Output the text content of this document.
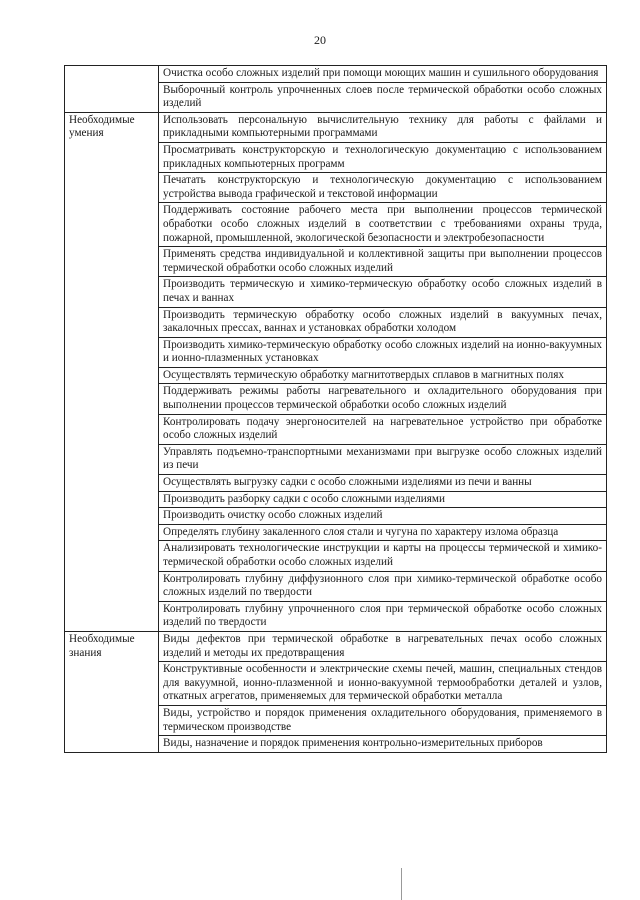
20
	Очистка особо сложных изделий при помощи моющих машин и сушильного оборудования
	Выборочный контроль упрочненных слоев после термической обработки особо сложных изделий
Необходимые умения	Использовать персональную вычислительную технику для работы с файлами и прикладными компьютерными программами
	Просматривать конструкторскую и технологическую документацию с использованием прикладных компьютерных программ
	Печатать конструкторскую и технологическую документацию с использованием устройства вывода графической и текстовой информации
	Поддерживать состояние рабочего места при выполнении процессов термической обработки особо сложных изделий в соответствии с требованиями охраны труда, пожарной, промышленной, экологической безопасности и электробезопасности
	Применять средства индивидуальной и коллективной защиты при выполнении процессов термической обработки особо сложных изделий
	Производить термическую и химико-термическую обработку особо сложных изделий в печах и ваннах
	Производить термическую обработку особо сложных изделий в вакуумных печах, закалочных прессах, ваннах и установках обработки холодом
	Производить химико-термическую обработку особо сложных изделий на ионно-вакуумных и ионно-плазменных установках
	Осуществлять термическую обработку магнитотвердых сплавов в магнитных полях
	Поддерживать режимы работы нагревательного и охладительного оборудования при выполнении процессов термической обработки особо сложных изделий
	Контролировать подачу энергоносителей на нагревательное устройство при обработке особо сложных изделий
	Управлять подъемно-транспортными механизмами при выгрузке особо сложных изделий из печи
	Осуществлять выгрузку садки с особо сложными изделиями из печи и ванны
	Производить разборку садки с особо сложными изделиями
	Производить очистку особо сложных изделий
	Определять глубину закаленного слоя стали и чугуна по характеру излома образца
	Анализировать технологические инструкции и карты на процессы термической и химико-термической обработки особо сложных изделий
	Контролировать глубину диффузионного слоя при химико-термической обработке особо сложных изделий по твердости
	Контролировать глубину упрочненного слоя при термической обработке особо сложных изделий по твердости
Необходимые знания	Виды дефектов при термической обработке в нагревательных печах особо сложных изделий и методы их предотвращения
	Конструктивные особенности и электрические схемы печей, машин, специальных стендов для вакуумной, ионно-плазменной и ионно-вакуумной термообработки деталей и узлов, откатных агрегатов, применяемых для термической обработки металла
	Виды, устройство и порядок применения охладительного оборудования, применяемого в термическом производстве
	Виды, назначение и порядок применения контрольно-измерительных приборов
